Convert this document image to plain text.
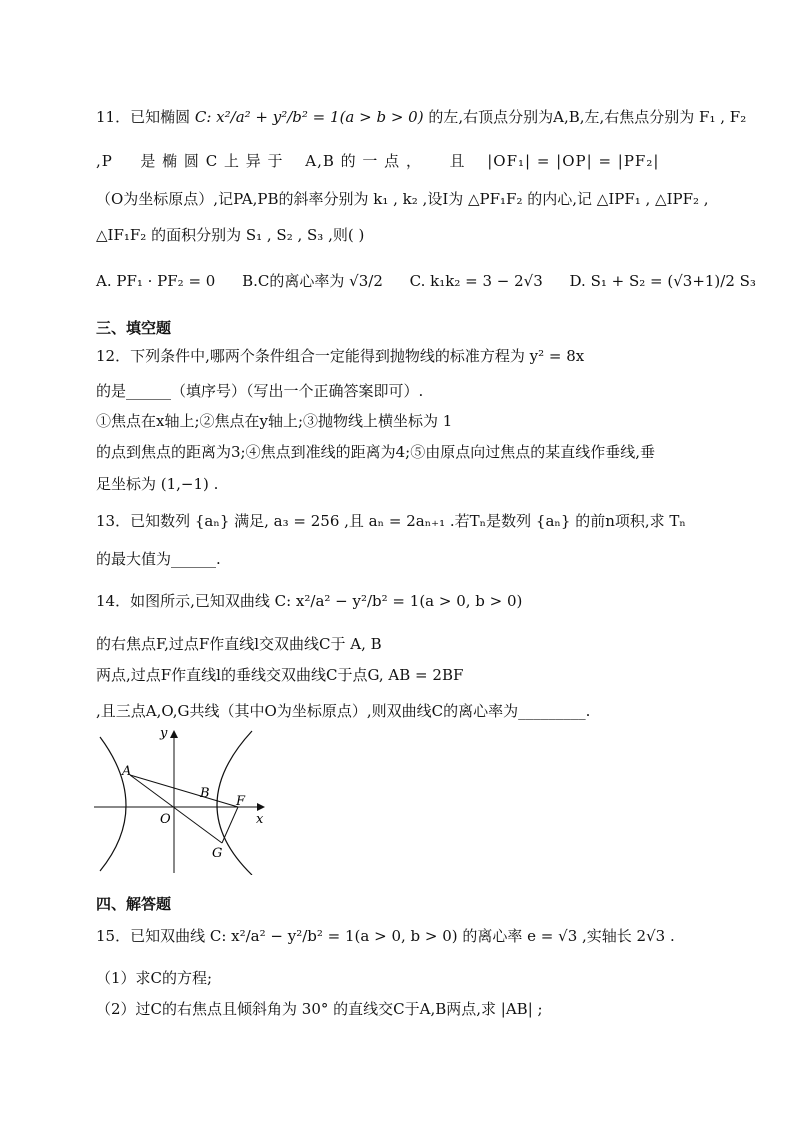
11．已知椭圆 C: x²/a² + y²/b² = 1(a > b > 0) 的左,右顶点分别为A,B,左,右焦点分别为 F₁ , F₂
,P 　 是 椭 圆 C 上 异 于 　A,B 的 一 点 ， 　 且 　|OF₁| = |OP| = |PF₂|
（O为坐标原点）,记PA,PB的斜率分别为 k₁ , k₂ ,设I为 △PF₁F₂ 的内心,记 △IPF₁ , △IPF₂ ,
△IF₁F₂ 的面积分别为 S₁ , S₂ , S₃ ,则( )
A. PF₁ · PF₂ = 0 B.C的离心率为 √3/2 C. k₁k₂ = 3 − 2√3 D. S₁ + S₂ = (√3+1)/2 S₃
三、填空题
12．下列条件中,哪两个条件组合一定能得到抛物线的标准方程为 y² = 8x
的是______（填序号）（写出一个正确答案即可）.
①焦点在x轴上;②焦点在y轴上;③抛物线上横坐标为 1
的点到焦点的距离为3;④焦点到准线的距离为4;⑤由原点向过焦点的某直线作垂线,垂
足坐标为 (1,−1) .
13．已知数列 {aₙ} 满足, a₃ = 256 ,且 aₙ = 2aₙ₊₁ .若Tₙ是数列 {aₙ} 的前n项积,求 Tₙ
的最大值为______.
14．如图所示,已知双曲线 C: x²/a² − y²/b² = 1(a > 0, b > 0)
的右焦点F,过点F作直线l交双曲线C于 A, B
两点,过点F作直线l的垂线交双曲线C于点G, AB = 2BF
,且三点A,O,G共线（其中O为坐标原点）,则双曲线C的离心率为_________.
y
x
O
A
B
F
G
四、解答题
15．已知双曲线 C: x²/a² − y²/b² = 1(a > 0, b > 0) 的离心率 e = √3 ,实轴长 2√3 .
（1）求C的方程;
（2）过C的右焦点且倾斜角为 30° 的直线交C于A,B两点,求 |AB| ;
